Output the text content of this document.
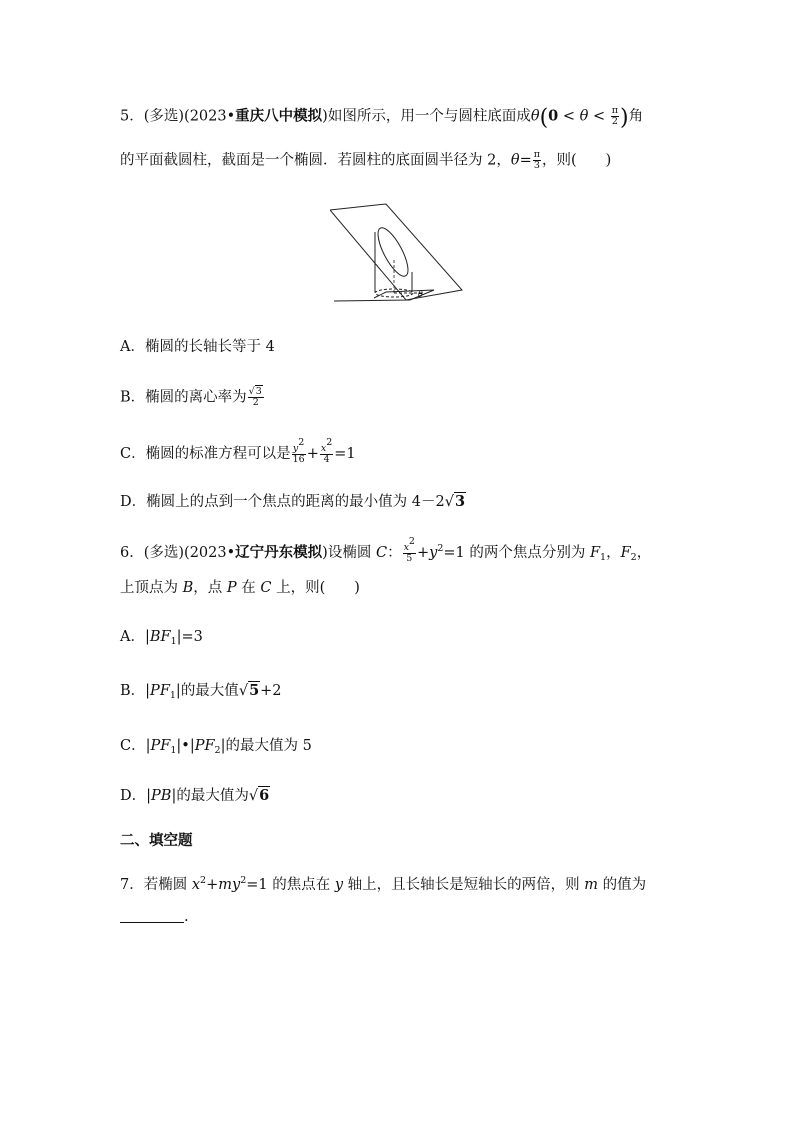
5．(多选)(2023•重庆八中模拟)如图所示，用一个与圆柱底面成$\theta(0 < \theta < \frac{\pi}{2}$ )角
的平面截圆柱，截面是一个椭圆．若圆柱的底面圆半径为 2，$\theta= \frac{\pi}{3}$ ，则(　　)
θ
A．椭圆的长轴长等于 4
B．椭圆的离心率为 $\frac{√3}{2}$
C．椭圆的标准方程可以是 $\frac{y^2}{16} + \frac{x^2}{4} =1$
D．椭圆上的点到一个焦点的距离的最小值为 4－2√3
6．(多选)(2023•辽宁丹东模拟)设椭圆 C： $\frac{x^2}{5} +y^2=1$ 的两个焦点分别为 $F_1$，$F_2$，
上顶点为 B，点 P 在 C 上，则(　　)
A．$|BF_1|=3$
B．$|PF_1|$的最大值√5+2
C．$|PF_1|•|PF_2|$的最大值为 5
D．|PB|的最大值为√6
二、填空题
7．若椭圆 $x^2+my^2=1$ 的焦点在 y 轴上，且长轴长是短轴长的两倍，则 m 的值为
.
